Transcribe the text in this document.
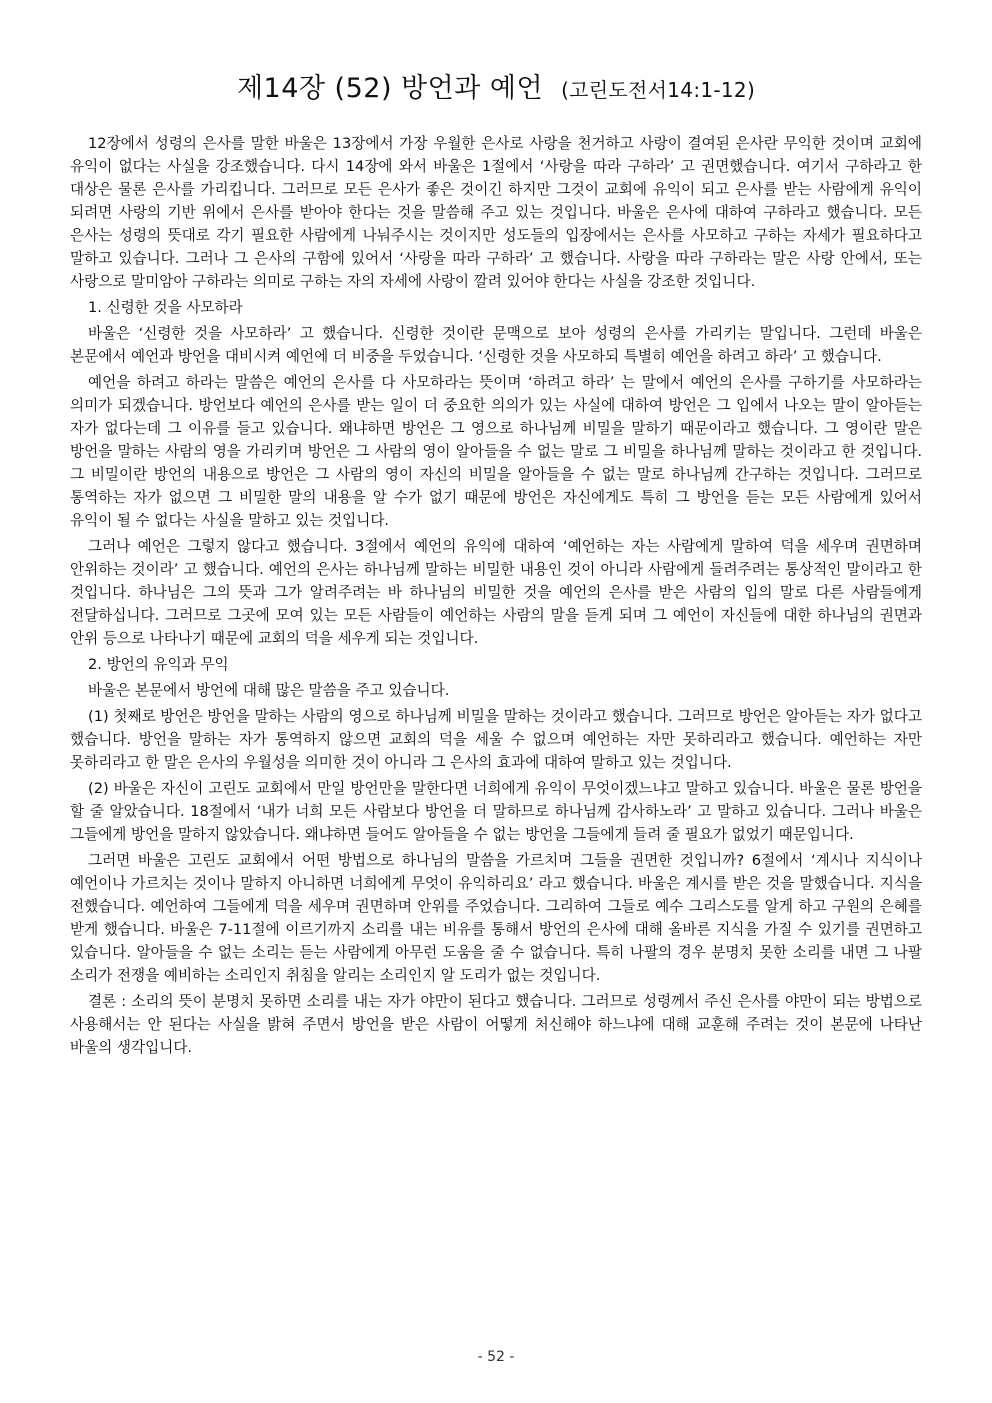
제14장 (52) 방언과 예언 (고린도전서14:1-12)

12장에서 성령의 은사를 말한 바울은 13장에서 가장 우월한 은사로 사랑을 천거하고 사랑이 결여된 은사란 무익한 것이며 교회에 유익이 없다는 사실을 강조했습니다. 다시 14장에 와서 바울은 1절에서 ‘사랑을 따라 구하라’ 고 권면했습니다. 여기서 구하라고 한 대상은 물론 은사를 가리킵니다. 그러므로 모든 은사가 좋은 것이긴 하지만 그것이 교회에 유익이 되고 은사를 받는 사람에게 유익이 되려면 사랑의 기반 위에서 은사를 받아야 한다는 것을 말씀해 주고 있는 것입니다. 바울은 은사에 대하여 구하라고 했습니다. 모든 은사는 성령의 뜻대로 각기 필요한 사람에게 나눠주시는 것이지만 성도들의 입장에서는 은사를 사모하고 구하는 자세가 필요하다고 말하고 있습니다. 그러나 그 은사의 구함에 있어서 ‘사랑을 따라 구하라’ 고 했습니다. 사랑을 따라 구하라는 말은 사랑 안에서, 또는 사랑으로 말미암아 구하라는 의미로 구하는 자의 자세에 사랑이 깔려 있어야 한다는 사실을 강조한 것입니다.

1. 신령한 것을 사모하라

바울은 ‘신령한 것을 사모하라’ 고 했습니다. 신령한 것이란 문맥으로 보아 성령의 은사를 가리키는 말입니다. 그런데 바울은 본문에서 예언과 방언을 대비시켜 예언에 더 비중을 두었습니다. ‘신령한 것을 사모하되 특별히 예언을 하려고 하라’ 고 했습니다.

예언을 하려고 하라는 말씀은 예언의 은사를 다 사모하라는 뜻이며 ‘하려고 하라’ 는 말에서 예언의 은사를 구하기를 사모하라는 의미가 되겠습니다. 방언보다 예언의 은사를 받는 일이 더 중요한 의의가 있는 사실에 대하여 방언은 그 입에서 나오는 말이 알아듣는 자가 없다는데 그 이유를 들고 있습니다. 왜냐하면 방언은 그 영으로 하나님께 비밀을 말하기 때문이라고 했습니다. 그 영이란 말은 방언을 말하는 사람의 영을 가리키며 방언은 그 사람의 영이 알아들을 수 없는 말로 그 비밀을 하나님께 말하는 것이라고 한 것입니다. 그 비밀이란 방언의 내용으로 방언은 그 사람의 영이 자신의 비밀을 알아들을 수 없는 말로 하나님께 간구하는 것입니다. 그러므로 통역하는 자가 없으면 그 비밀한 말의 내용을 알 수가 없기 때문에 방언은 자신에게도 특히 그 방언을 듣는 모든 사람에게 있어서 유익이 될 수 없다는 사실을 말하고 있는 것입니다.

그러나 예언은 그렇지 않다고 했습니다. 3절에서 예언의 유익에 대하여 ‘예언하는 자는 사람에게 말하여 덕을 세우며 권면하며 안위하는 것이라’ 고 했습니다. 예언의 은사는 하나님께 말하는 비밀한 내용인 것이 아니라 사람에게 들려주려는 통상적인 말이라고 한 것입니다. 하나님은 그의 뜻과 그가 알려주려는 바 하나님의 비밀한 것을 예언의 은사를 받은 사람의 입의 말로 다른 사람들에게 전달하십니다. 그러므로 그곳에 모여 있는 모든 사람들이 예언하는 사람의 말을 듣게 되며 그 예언이 자신들에 대한 하나님의 권면과 안위 등으로 나타나기 때문에 교회의 덕을 세우게 되는 것입니다.

2. 방언의 유익과 무익

바울은 본문에서 방언에 대해 많은 말씀을 주고 있습니다.

(1) 첫째로 방언은 방언을 말하는 사람의 영으로 하나님께 비밀을 말하는 것이라고 했습니다. 그러므로 방언은 알아듣는 자가 없다고 했습니다. 방언을 말하는 자가 통역하지 않으면 교회의 덕을 세울 수 없으며 예언하는 자만 못하리라고 했습니다. 예언하는 자만 못하리라고 한 말은 은사의 우월성을 의미한 것이 아니라 그 은사의 효과에 대하여 말하고 있는 것입니다.

(2) 바울은 자신이 고린도 교회에서 만일 방언만을 말한다면 너희에게 유익이 무엇이겠느냐고 말하고 있습니다. 바울은 물론 방언을 할 줄 알았습니다. 18절에서 ‘내가 너희 모든 사람보다 방언을 더 말하므로 하나님께 감사하노라’ 고 말하고 있습니다. 그러나 바울은 그들에게 방언을 말하지 않았습니다. 왜냐하면 들어도 알아들을 수 없는 방언을 그들에게 들려 줄 필요가 없었기 때문입니다.

그러면 바울은 고린도 교회에서 어떤 방법으로 하나님의 말씀을 가르치며 그들을 권면한 것입니까? 6절에서 ‘계시나 지식이나 예언이나 가르치는 것이나 말하지 아니하면 너희에게 무엇이 유익하리요’ 라고 했습니다. 바울은 계시를 받은 것을 말했습니다. 지식을 전했습니다. 예언하여 그들에게 덕을 세우며 권면하며 안위를 주었습니다. 그리하여 그들로 예수 그리스도를 알게 하고 구원의 은혜를 받게 했습니다. 바울은 7-11절에 이르기까지 소리를 내는 비유를 통해서 방언의 은사에 대해 올바른 지식을 가질 수 있기를 권면하고 있습니다. 알아들을 수 없는 소리는 듣는 사람에게 아무런 도움을 줄 수 없습니다. 특히 나팔의 경우 분명치 못한 소리를 내면 그 나팔 소리가 전쟁을 예비하는 소리인지 취침을 알리는 소리인지 알 도리가 없는 것입니다.

결론 : 소리의 뜻이 분명치 못하면 소리를 내는 자가 야만이 된다고 했습니다. 그러므로 성령께서 주신 은사를 야만이 되는 방법으로 사용해서는 안 된다는 사실을 밝혀 주면서 방언을 받은 사람이 어떻게 처신해야 하느냐에 대해 교훈해 주려는 것이 본문에 나타난 바울의 생각입니다.

- 52 -
